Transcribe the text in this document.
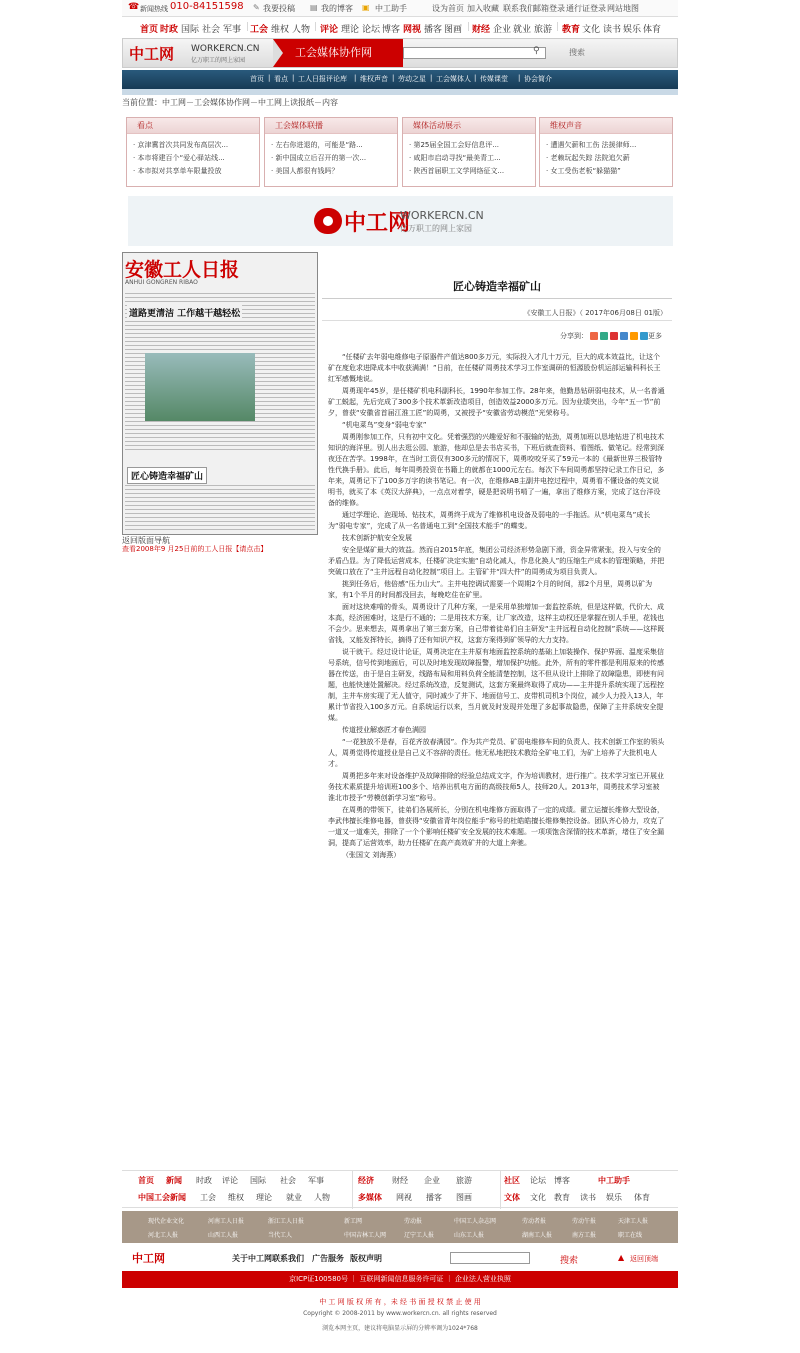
☎ 新闻热线 010-84151598 ✎ 我要投稿 ▤ 我的博客 ▣ 中工助手	设为首页 加入收藏 联系我们
邮箱登录 通行证登录 网站地图
首页 时政 国际 社会 军事 工会 维权 人物 评论 理论 论坛 博客 网视 播客 图画 财经 企业 就业 旅游 教育 文化 读书 娱乐 体育
|	|	|	|
中工网 WORKERCN.CN
亿万职工的网上家园
工会媒体协作网	⚲	搜索
首页 | 看点 | 工人日报评论库 | 维权声音 | 劳动之星 | 工会媒体人 | 传媒课堂 | 协会简介
当前位置：中工网－工会媒体协作网－中工网上读报纸－内容
看点
· 京津冀首次共同发布高层次...
· 本市将建百个“爱心驿站线...
· 本市拟对共享单车限量投放
工会媒体联播
· 左右你进退的，可能是“路...
· 新中国成立后召开的第一次...
· 美国人都很有钱吗？
媒体活动展示
· 第25届全国工会好信息评...
· 咸阳市启动寻找“最美青工...
· 陕西首届职工文学网络征文...
维权声音
· 遭遇欠薪和工伤 法援律师...
· 老赖玩起失踪 法院追欠薪
· 女工受伤老板“躲猫猫”
中工网
WORKERCN.CN
亿万职工的网上家园
安徽工人日报
ANHUI GONGREN RIBAO
道路更清洁 工作越干越轻松
匠心铸造幸福矿山
返回版面导航
查看2008年9 月25日前的工人日报【请点击】
匠心铸造幸福矿山
《安徽工人日报》（ 2017年06月08日 01版）
分享到：	更多

“任楼矿去年弱电维修电子原器件产值达800多万元，实际投入才几十万元，巨大的成本效益比，让这个矿在度危求进降成本中收获满满！”日前，在任楼矿周勇技术学习工作室调研的恒源股份机运部运输科科长王红军感慨地说。

周勇现年45岁，是任楼矿机电科副科长，1990年参加工作。28年来，他勤恳钻研弱电技术，从一名普通矿工蜕起，先后完成了300多个技术革新改造项目，创造效益2000多万元。因为业绩突出，今年“五一节”前夕，曾获“安徽省首届江淮工匠”的周勇，又被授予“安徽省劳动模范”光荣称号。

“机电菜鸟”变身“弱电专家”

周勇刚参加工作，只有初中文化。凭着强烈的兴趣爱好和不服输的钻劲，周勇加班以恳地钻进了机电技术知识的海洋里。别人出去逛公园、旅游，他却总是去书店买书，下班后就查资料、看图纸、做笔记。经常到深夜还在苦学。1998年，在当时工资仅有300多元的情况下，周勇咬咬牙买了59元一本的《最新世界三极管特性代换手册》。此后，每年周勇投资在书籍上的就都在1000元左右。每次下车间周勇都坚持记录工作日记，多年来，周勇记下了100多万字的读书笔记。有一次，在维修AB主副井电控过程中，周勇看不懂设备的英文说明书，就买了本《英汉大辞典》，一点点对着学，硬是把说明书啃了一遍，拿出了维修方案，完成了这台洋设备的维修。

通过学理论、泡现场、钻技术，周勇终于成为了维修机电设备及弱电的一手拖活。从“机电菜鸟”成长为“弱电专家”，完成了从一名普通电工到“全国技术能手”的蝶变。

技术创新护航安全发展

安全是煤矿最大的效益。然而自2015年底，集团公司经济形势急剧下滑，资金异常紧张，投入与安全的矛盾凸显。为了降低运营成本，任楼矿决定实施“自动化减人，作息化换人”的压缩生产成本的管理策略，并把突破口放在了“主井远程自动化控制”项目上。主管矿井“四大件”的周勇成为项目负责人。

挑到任务后，他倍感“压力山大”。主井电控调试需要一个周期2个月的时间，那2个月里，周勇以矿为家，有1个半月的时间都没回去，每晚吃住在矿里。

面对这块难啃的骨头，周勇设计了几种方案，一是采用单独增加一套监控系统，但是这样做，代价大、成本高，经济困难时，这是行不通的；二是用技术方案，让厂家改造，这样主动权还是掌握在别人手里，花钱也不会少。思来想去，周勇拿出了第三套方案，自己带着徒弟们自主研发“主井远程自动化控制”系统——这样既省钱，又能发挥特长，摘得了还有知识产权，这套方案得到矿领导的大力支持。

说干就干。经过设计论证，周勇决定在主井原有地面监控系统的基础上加装操作、保护界面、温度采集信号系统，信号传到地面后，可以及时地发现故障报警，增加保护功能。此外，所有的零件都是利用原来的传感器在传送，由于是自主研发，线路布局和用料负荷全能清楚控制，这不但从设计上排除了故障隐患，即使有问题，也能快速处置解决。经过系统改造，反复测试，这套方案最终取得了成功——主井提升系统实现了远程控制，主井车房实现了无人值守，同时减少了井下、地面信号工、皮带机司机3个岗位，减少人力投入13人，年累计节省投入100多万元。自系统运行以来，当月就及时发现并处理了多起事故隐患，保障了主井系统安全提煤。

传道授业解惑匠才春色满园

“一花独放不是春，百花齐放春满园”。作为共产党员、矿弱电维修车间的负责人、技术创新工作室的领头人，周勇觉得传道授业是自己义不容辞的责任。他无私地把技术教给全矿电工们，为矿上培养了大批机电人才。

周勇把多年来对设备维护及故障排除的经验总结成文字，作为培训教材，进行推广。技术学习室已开展业务技术素质提升培训班100多个、培养出机电方面的高级技师5人，技师20人。2013年，周勇技术学习室被淮北市授予“劳模创新学习室”称号。

在周勇的带领下，徒弟们各展所长，分别在机电维修方面取得了一定的成绩。翟立运擅长维修大型设备，李武伟擅长维修电器，曾获得“安徽省青年岗位能手”称号的杜皓皓擅长维修集控设备。团队齐心协力，攻克了一道又一道难关，排除了一个个影响任楼矿安全发展的技术难题。一项项饱含深情的技术革新，堵住了安全漏洞，提高了运营效率，助力任楼矿在高产高效矿井的大道上奔驰。

（张国文 刘海燕）

首页 新闻 时政 评论 国际 社会 军事	经济 财经 企业 旅游	社区 论坛 博客	中工助手
中国工会新闻 工会 维权 理论 就业 人物	多媒体 网视 播客 图画	文体 文化 教育 读书 娱乐 体育
现代企业文化	河南工人日报	浙江工人日报	新工网	劳动报	中国工人杂志网	劳动者报	劳动午报	天津工人报
河北工人报	山西工人报	当代工人	中国吉林工人网	辽宁工人报	山东工人报	湖南工人报	南方工报	职工在线
中工网	关于中工网 联系我们 广告服务 版权声明	搜索	▲ 返回顶端
京ICP证100580号 ｜ 互联网新闻信息服务许可证 ｜ 企业法人营业执照
中 工 网 版 权 所 有 ，未 经 书 面 授 权 禁 止 使 用
Copyright © 2008-2011 by www.workercn.cn. all rights reserved
浏览本网主页，建议将电脑显示屏的分辨率调为1024*768
